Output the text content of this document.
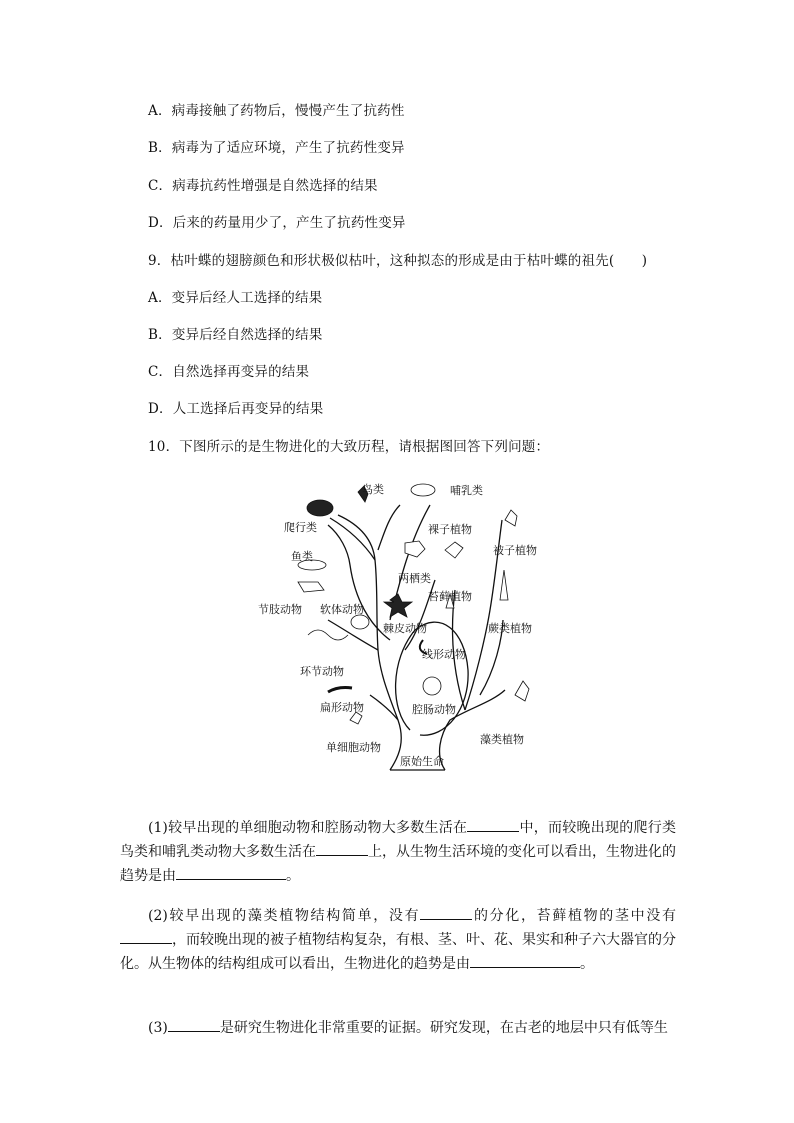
A．病毒接触了药物后，慢慢产生了抗药性
B．病毒为了适应环境，产生了抗药性变异
C．病毒抗药性增强是自然选择的结果
D．后来的药量用少了，产生了抗药性变异
9．枯叶蝶的翅膀颜色和形状极似枯叶，这种拟态的形成是由于枯叶蝶的祖先(　　)
A．变异后经人工选择的结果
B．变异后经自然选择的结果
C．自然选择再变异的结果
D．人工选择后再变异的结果
10．下图所示的是生物进化的大致历程，请根据图回答下列问题：
鸟类	哺乳类
爬行类	裸子植物
被子植物
鱼类
两栖类
苔藓植物
节肢动物 软体动物
棘皮动物	蕨类植物
线形动物
环节动物
扁形动物	腔肠动物
藻类植物
单细胞动物
原始生命
(1)较早出现的单细胞动物和腔肠动物大多数生活在	中，而较晚出现的爬行类鸟类和哺乳类动物大多数生活在	上，从生物生活环境的变化可以看出，生物进化的趋势是由	。
(2)较早出现的藻类植物结构简单，没有	的分化，苔藓植物的茎中没有，而较晚出现的被子植物结构复杂，有根、茎、叶、花、果实和种子六大器官的分化。从生物体的结构组成可以看出，生物进化的趋势是由	。
(3)	是研究生物进化非常重要的证据。研究发现，在古老的地层中只有低等生
